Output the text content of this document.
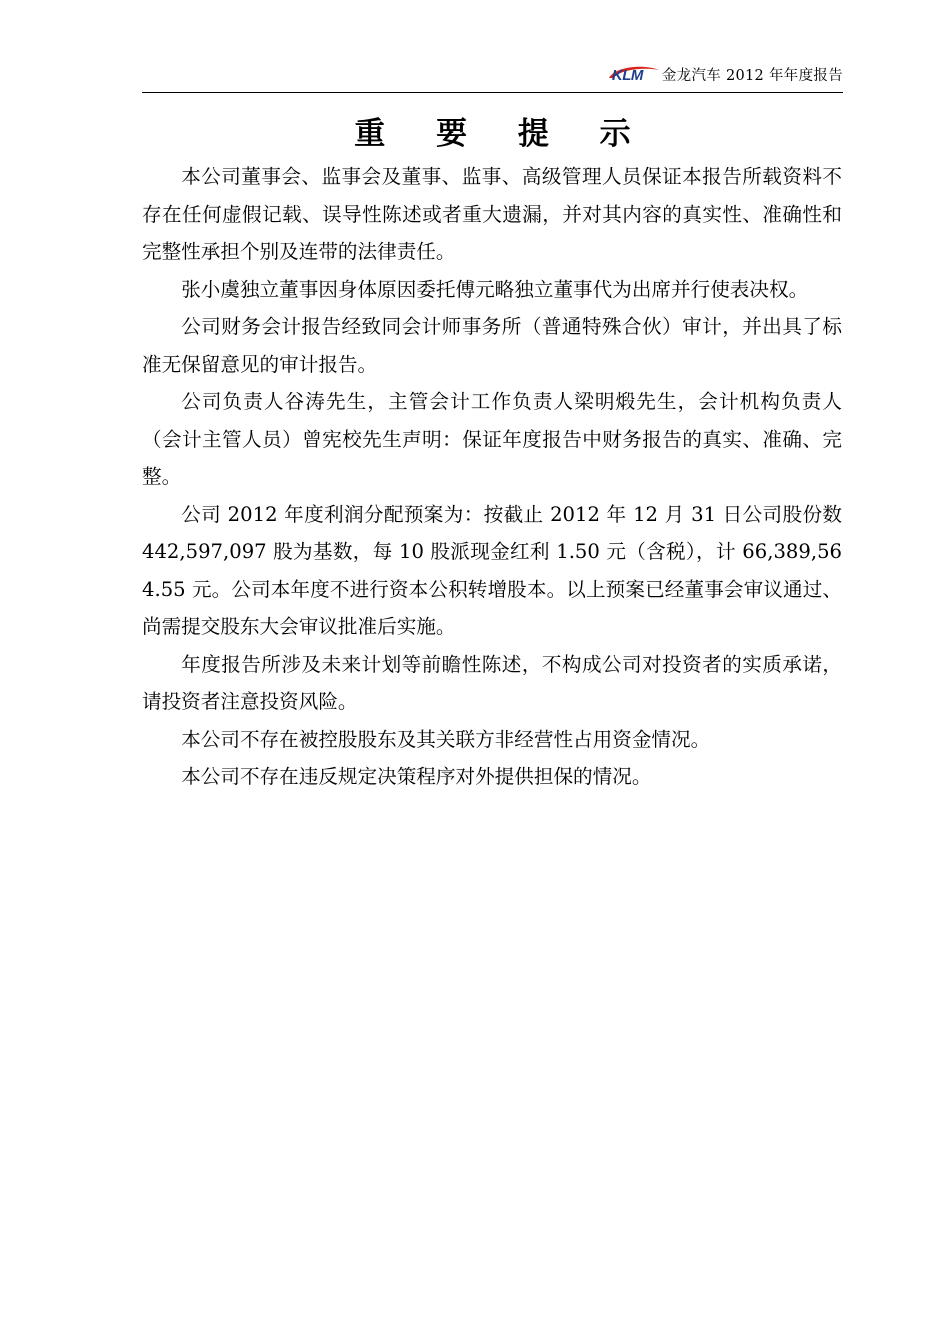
KLM 金龙汽车 2012 年年度报告
重 要 提 示

本公司董事会、监事会及董事、监事、高级管理人员保证本报告所载资料不存在任何虚假记载、误导性陈述或者重大遗漏，并对其内容的真实性、准确性和完整性承担个别及连带的法律责任。

张小虞独立董事因身体原因委托傅元略独立董事代为出席并行使表决权。

公司财务会计报告经致同会计师事务所（普通特殊合伙）审计，并出具了标准无保留意见的审计报告。

公司负责人谷涛先生，主管会计工作负责人梁明煅先生，会计机构负责人（会计主管人员）曾宪校先生声明：保证年度报告中财务报告的真实、准确、完整。

公司 2012 年度利润分配预案为：按截止 2012 年 12 月 31 日公司股份数 442,597,097 股为基数，每 10 股派现金红利 1.50 元（含税），计 66,389,564.55 元。公司本年度不进行资本公积转增股本。以上预案已经董事会审议通过、尚需提交股东大会审议批准后实施。

年度报告所涉及未来计划等前瞻性陈述，不构成公司对投资者的实质承诺，请投资者注意投资风险。

本公司不存在被控股股东及其关联方非经营性占用资金情况。

本公司不存在违反规定决策程序对外提供担保的情况。
